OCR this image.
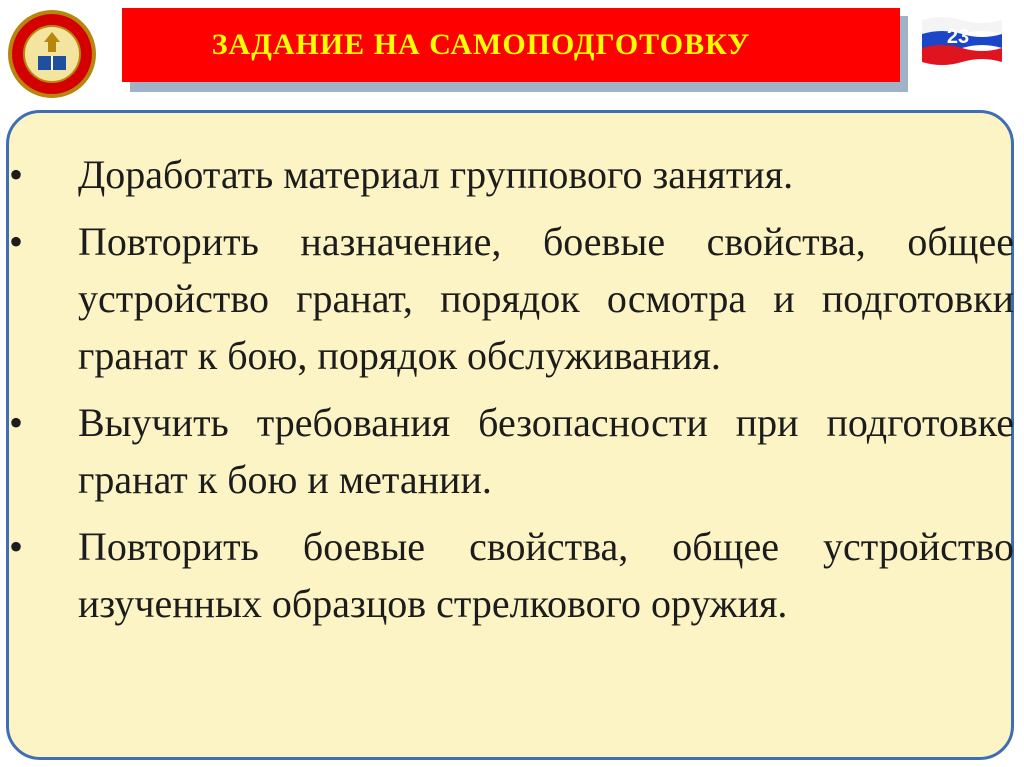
ЗАДАНИЕ НА САМОПОДГОТОВКУ	23
• Доработать материал группового занятия.
• Повторить назначение, боевые свойства, общее устройство гранат, порядок осмотра и подготовки гранат к бою, порядок обслуживания.
• Выучить требования безопасности при подготовке гранат к бою и метании.
• Повторить боевые свойства, общее устройство изученных образцов стрелкового оружия.
